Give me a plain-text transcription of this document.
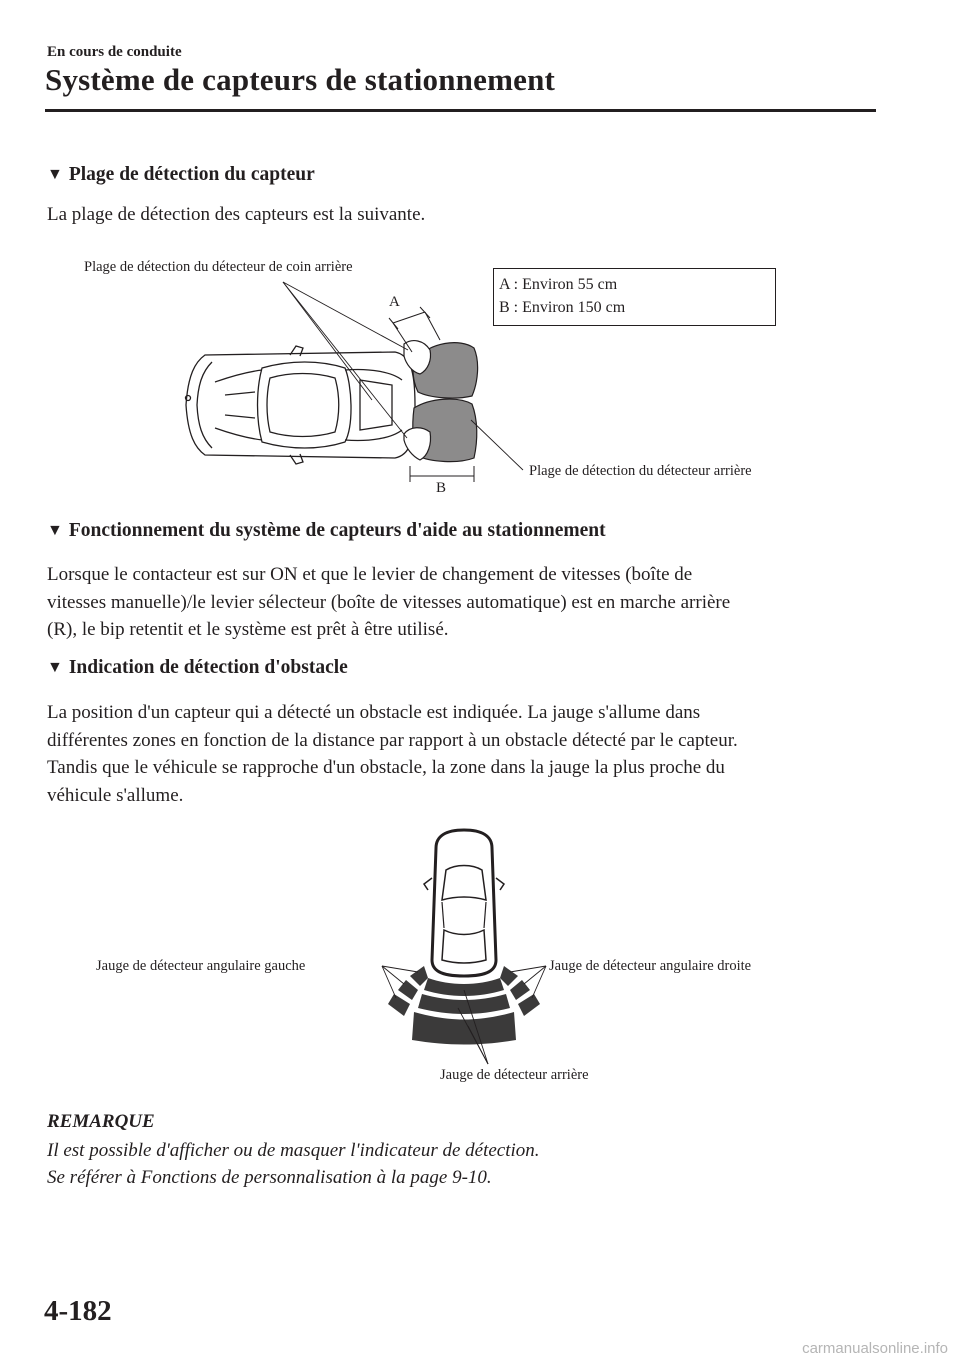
En cours de conduite
Système de capteurs de stationnement
▼ Plage de détection du capteur
La plage de détection des capteurs est la suivante.
Plage de détection du détecteur de coin arrière
Plage de détection du détecteur arrière
A
B
A : Environ 55 cm
B : Environ 150 cm
▼ Fonctionnement du système de capteurs d'aide au stationnement
Lorsque le contacteur est sur ON et que le levier de changement de vitesses (boîte de
vitesses manuelle)/le levier sélecteur (boîte de vitesses automatique) est en marche arrière
(R), le bip retentit et le système est prêt à être utilisé.
▼ Indication de détection d'obstacle
La position d'un capteur qui a détecté un obstacle est indiquée. La jauge s'allume dans
différentes zones en fonction de la distance par rapport à un obstacle détecté par le capteur.
Tandis que le véhicule se rapproche d'un obstacle, la zone dans la jauge la plus proche du
véhicule s'allume.
Jauge de détecteur angulaire gauche	Jauge de détecteur angulaire droite
Jauge de détecteur arrière
REMARQUE
Il est possible d'afficher ou de masquer l'indicateur de détection.
Se référer à Fonctions de personnalisation à la page 9-10.
4-182
carmanualsonline.info
